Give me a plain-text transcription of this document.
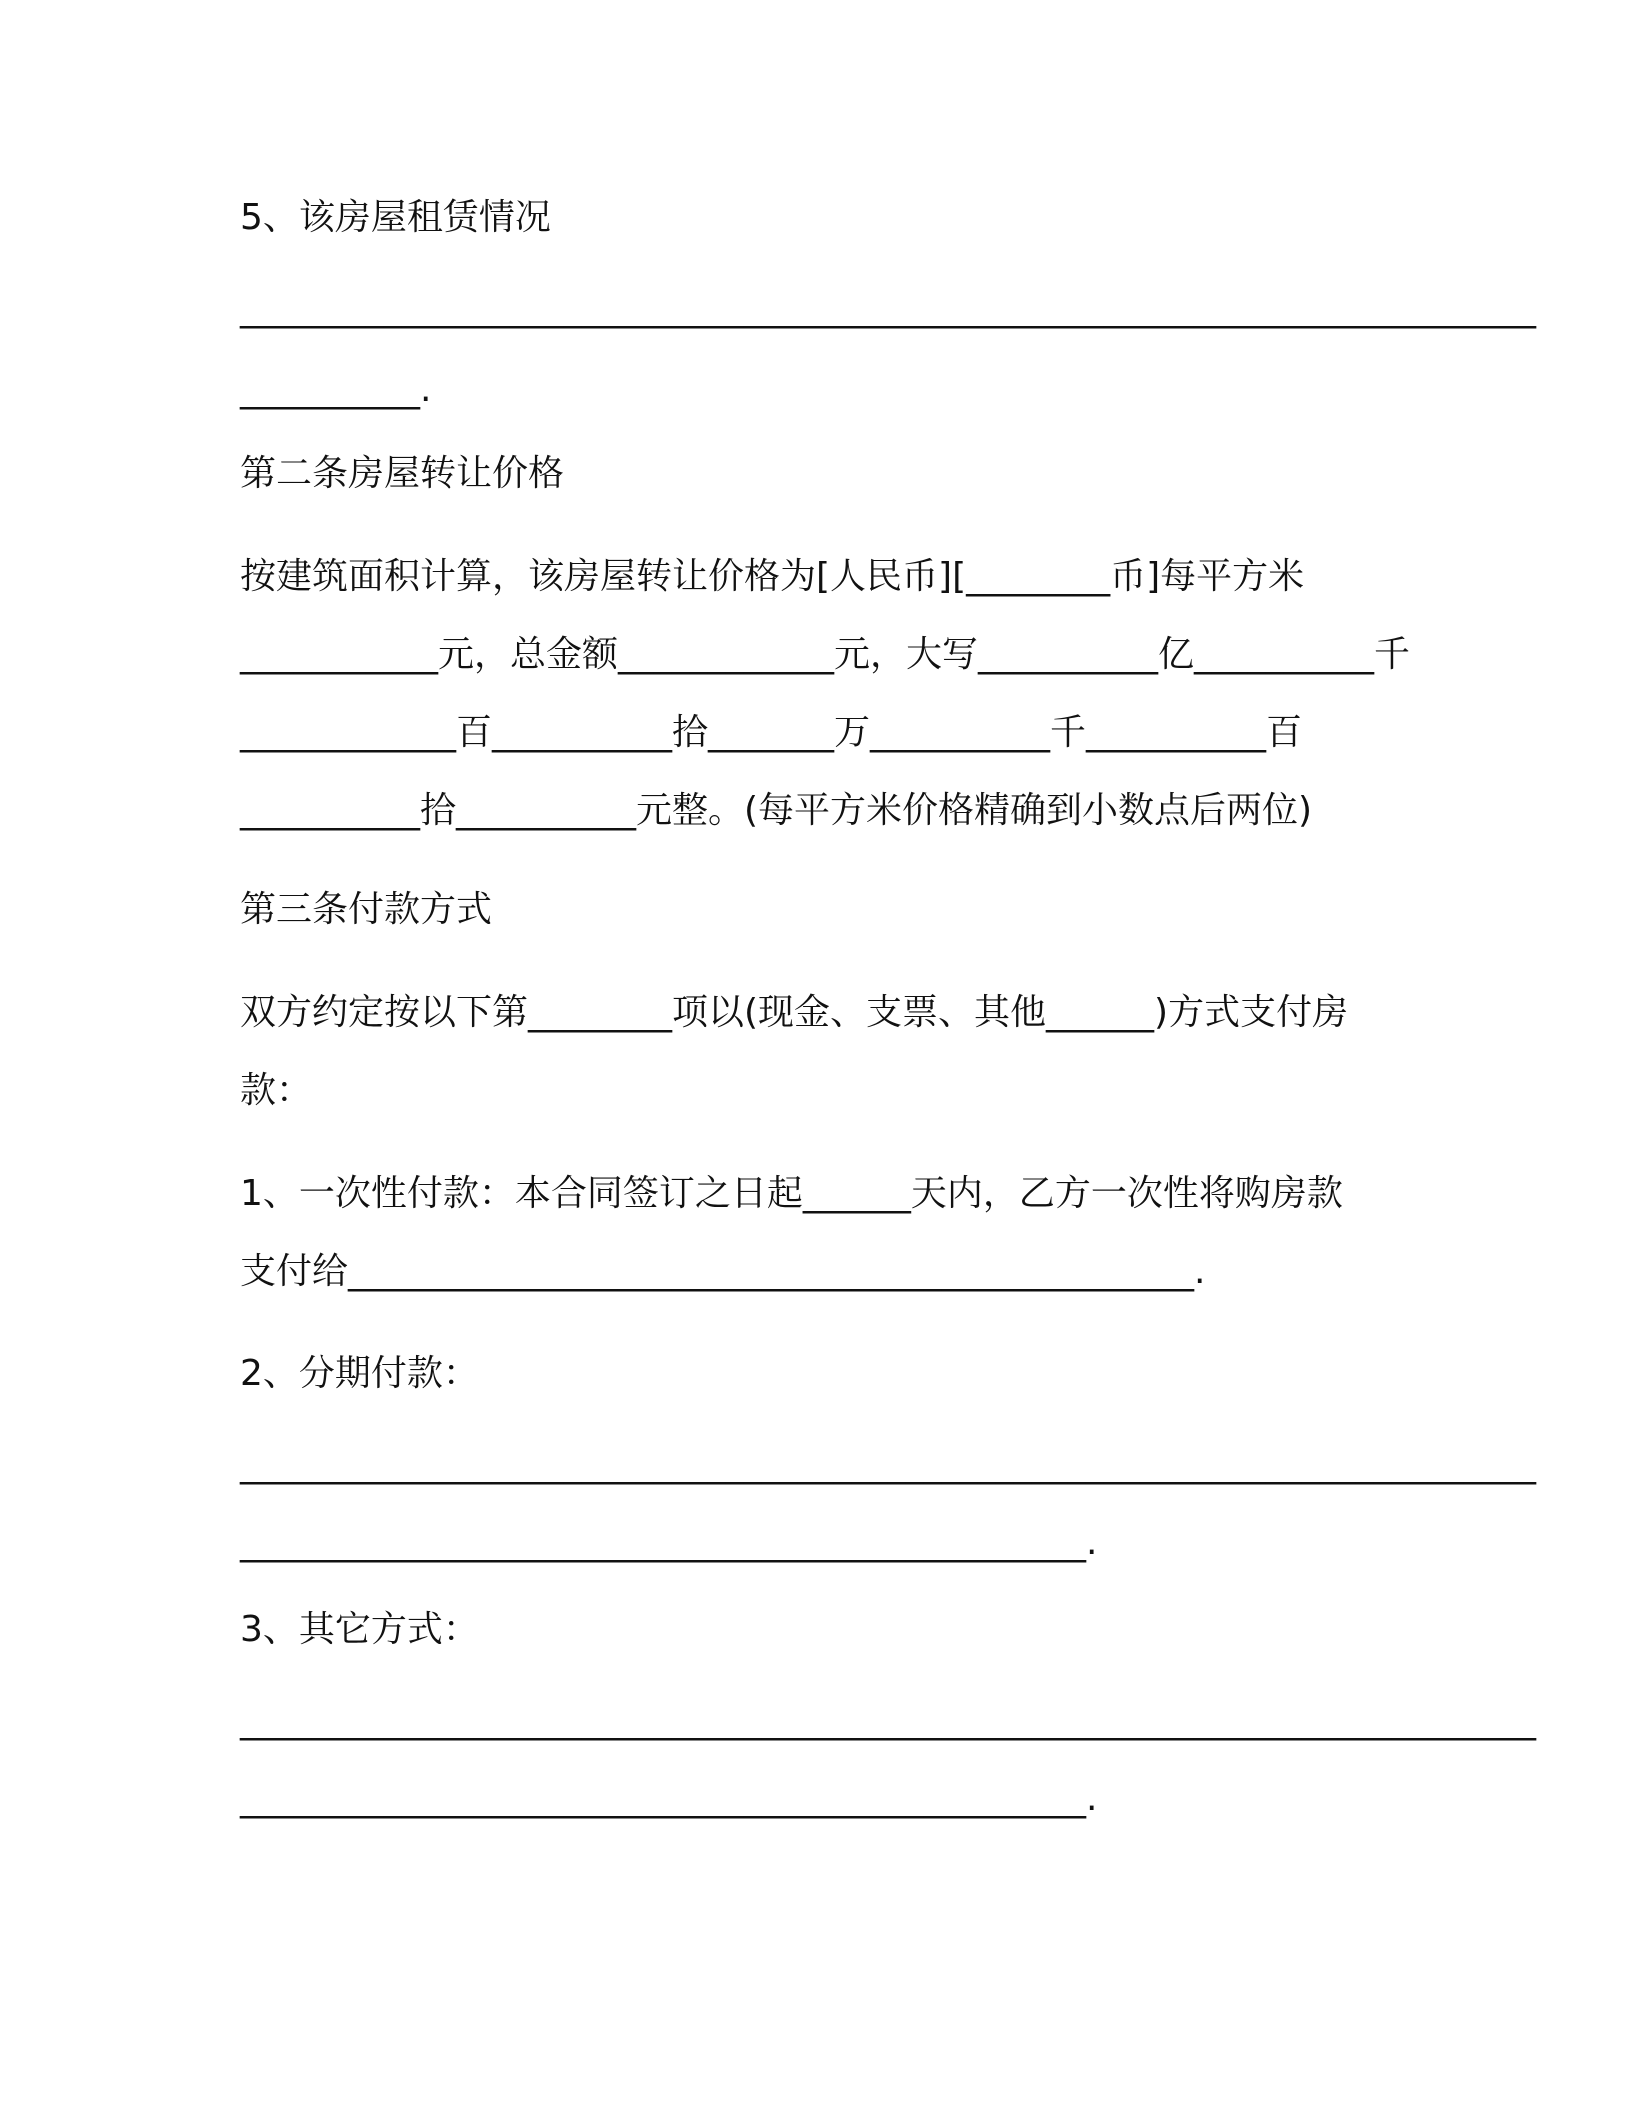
5、该房屋租赁情况
________________________________________________________________________
__________.
第二条房屋转让价格
按建筑面积计算，该房屋转让价格为[人民币][________币]每平方米
___________元，总金额____________元，大写__________亿__________千
____________百__________拾_______万__________千__________百
__________拾__________元整。(每平方米价格精确到小数点后两位)
第三条付款方式
双方约定按以下第________项以(现金、支票、其他______)方式支付房
款：
1、一次性付款：本合同签订之日起______天内，乙方一次性将购房款
支付给_______________________________________________.
2、分期付款：
________________________________________________________________________
_______________________________________________.
3、其它方式：
________________________________________________________________________
_______________________________________________.
